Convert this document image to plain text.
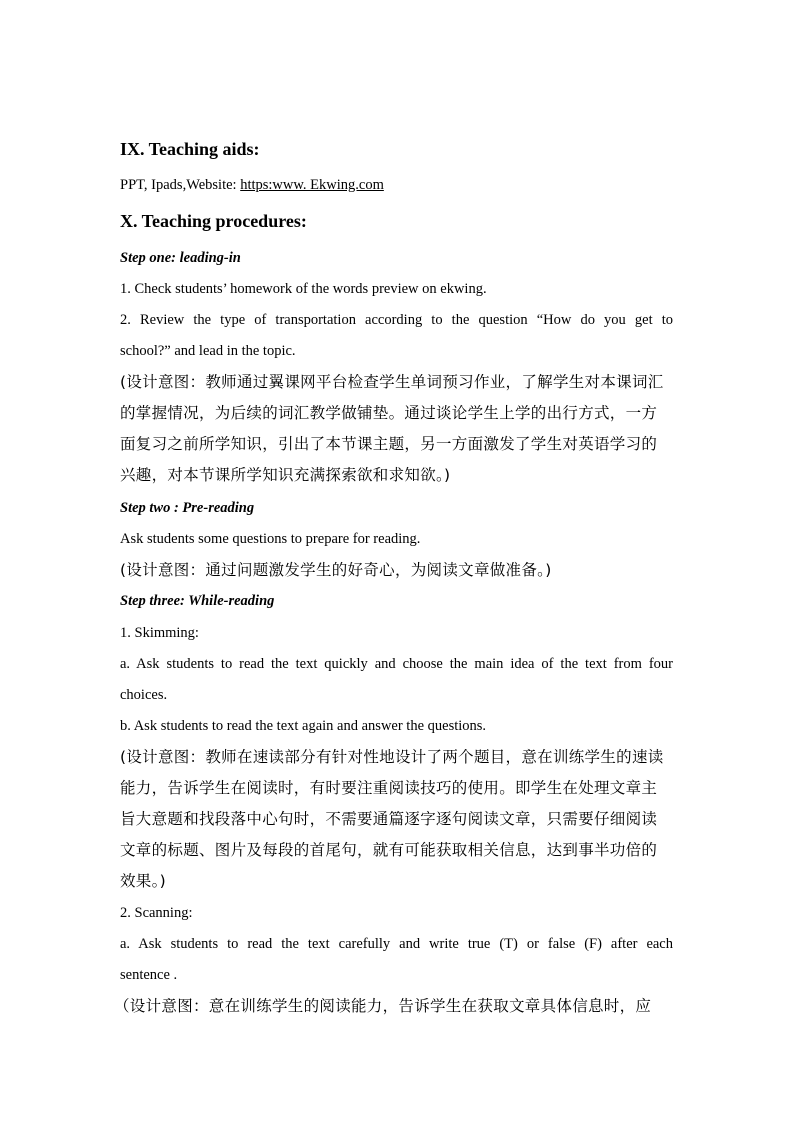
IX. Teaching aids:
PPT, Ipads,Website: https:www. Ekwing.com
X. Teaching procedures:
Step one: leading-in
1. Check students’ homework of the words preview on ekwing.
2. Review the type of transportation according to the question “How do you get to
school?” and lead in the topic.
(设计意图：教师通过翼课网平台检查学生单词预习作业，了解学生对本课词汇
的掌握情况，为后续的词汇教学做铺垫。通过谈论学生上学的出行方式，一方
面复习之前所学知识，引出了本节课主题，另一方面激发了学生对英语学习的
兴趣，对本节课所学知识充满探索欲和求知欲。)
Step two : Pre-reading
Ask students some questions to prepare for reading.
(设计意图：通过问题激发学生的好奇心，为阅读文章做准备。)
Step three: While-reading
1. Skimming:
a. Ask students to read the text quickly and choose the main idea of the text from four
choices.
b. Ask students to read the text again and answer the questions.
(设计意图：教师在速读部分有针对性地设计了两个题目，意在训练学生的速读
能力，告诉学生在阅读时，有时要注重阅读技巧的使用。即学生在处理文章主
旨大意题和找段落中心句时，不需要通篇逐字逐句阅读文章，只需要仔细阅读
文章的标题、图片及每段的首尾句，就有可能获取相关信息，达到事半功倍的
效果。)
2. Scanning:
a. Ask students to read the text carefully and write true (T) or false (F) after each
sentence .
（设计意图：意在训练学生的阅读能力，告诉学生在获取文章具体信息时，应
